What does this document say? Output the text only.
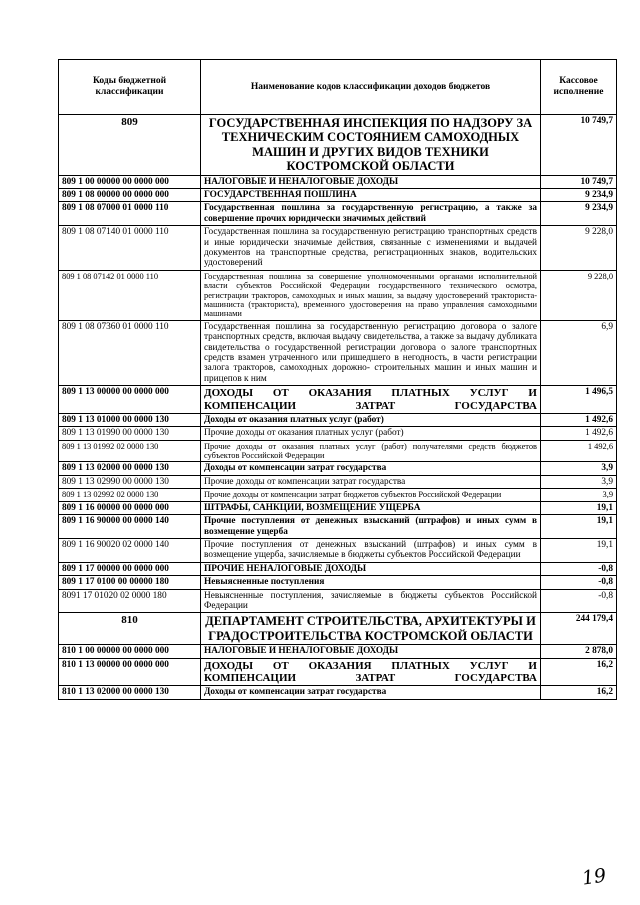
Коды бюджетной классификации	Наименование кодов классификации доходов бюджетов	Кассовое исполнение
809	ГОСУДАРСТВЕННАЯ ИНСПЕКЦИЯ ПО НАДЗОРУ ЗА ТЕХНИЧЕСКИМ СОСТОЯНИЕМ САМОХОДНЫХ МАШИН И ДРУГИХ ВИДОВ ТЕХНИКИ КОСТРОМСКОЙ ОБЛАСТИ	10 749,7
809 1 00 00000 00 0000 000	НАЛОГОВЫЕ И НЕНАЛОГОВЫЕ ДОХОДЫ	10 749,7
809 1 08 00000 00 0000 000	ГОСУДАРСТВЕННАЯ ПОШЛИНА	9 234,9
809 1 08 07000 01 0000 110	Государственная пошлина за государственную регистрацию, а также за совершение прочих юридически значимых действий	9 234,9
809 1 08 07140 01 0000 110	Государственная пошлина за государственную регистрацию транспортных средств и иные юридически значимые действия, связанные с изменениями и выдачей документов на транспортные средства, регистрационных знаков, водительских удостоверений	9 228,0
809 1 08 07142 01 0000 110	Государственная пошлина за совершение уполномоченными органами исполнительной власти субъектов Российской Федерации государственного технического осмотра, регистрации тракторов, самоходных и иных машин, за выдачу удостоверений тракториста- машиниста (тракториста), временного удостоверения на право управления самоходными машинами	9 228,0
809 1 08 07360 01 0000 110	Государственная пошлина за государственную регистрацию договора о залоге транспортных средств, включая выдачу свидетельства, а также за выдачу дубликата свидетельства о государственной регистрации договора о залоге транспортных средств взамен утраченного или пришедшего в негодность, в части регистрации залога тракторов, самоходных дорожно- строительных машин и иных машин и прицепов к ним	6,9
809 1 13 00000 00 0000 000	ДОХОДЫ ОТ ОКАЗАНИЯ ПЛАТНЫХ УСЛУГ И КОМПЕНСАЦИИ ЗАТРАТ ГОСУДАРСТВА	1 496,5
809 1 13 01000 00 0000 130	Доходы от оказания платных услуг (работ)	1 492,6
809 1 13 01990 00 0000 130	Прочие доходы от оказания платных услуг (работ)	1 492,6
809 1 13 01992 02 0000 130	Прочие доходы от оказания платных услуг (работ) получателями средств бюджетов субъектов Российской Федерации	1 492,6
809 1 13 02000 00 0000 130	Доходы от компенсации затрат государства	3,9
809 1 13 02990 00 0000 130	Прочие доходы от компенсации затрат государства	3,9
809 1 13 02992 02 0000 130	Прочие доходы от компенсации затрат бюджетов субъектов Российской Федерации	3,9
809 1 16 00000 00 0000 000	ШТРАФЫ, САНКЦИИ, ВОЗМЕЩЕНИЕ УЩЕРБА	19,1
809 1 16 90000 00 0000 140	Прочие поступления от денежных взысканий (штрафов) и иных сумм в возмещение ущерба	19,1
809 1 16 90020 02 0000 140	Прочие поступления от денежных взысканий (штрафов) и иных сумм в возмещение ущерба, зачисляемые в бюджеты субъектов Российской Федерации	19,1
809 1 17 00000 00 0000 000	ПРОЧИЕ НЕНАЛОГОВЫЕ ДОХОДЫ	-0,8
809 1 17 0100 00 00000 180	Невыясненные поступления	-0,8
8091 17 01020 02 0000 180	Невыясненные поступления, зачисляемые в бюджеты субъектов Российской Федерации	-0,8
810	ДЕПАРТАМЕНТ СТРОИТЕЛЬСТВА, АРХИТЕКТУРЫ И ГРАДОСТРОИТЕЛЬСТВА КОСТРОМСКОЙ ОБЛАСТИ	244 179,4
810 1 00 00000 00 0000 000	НАЛОГОВЫЕ И НЕНАЛОГОВЫЕ ДОХОДЫ	2 878,0
810 1 13 00000 00 0000 000	ДОХОДЫ ОТ ОКАЗАНИЯ ПЛАТНЫХ УСЛУГ И КОМПЕНСАЦИИ ЗАТРАТ ГОСУДАРСТВА	16,2
810 1 13 02000 00 0000 130	Доходы от компенсации затрат государства	16,2
19
